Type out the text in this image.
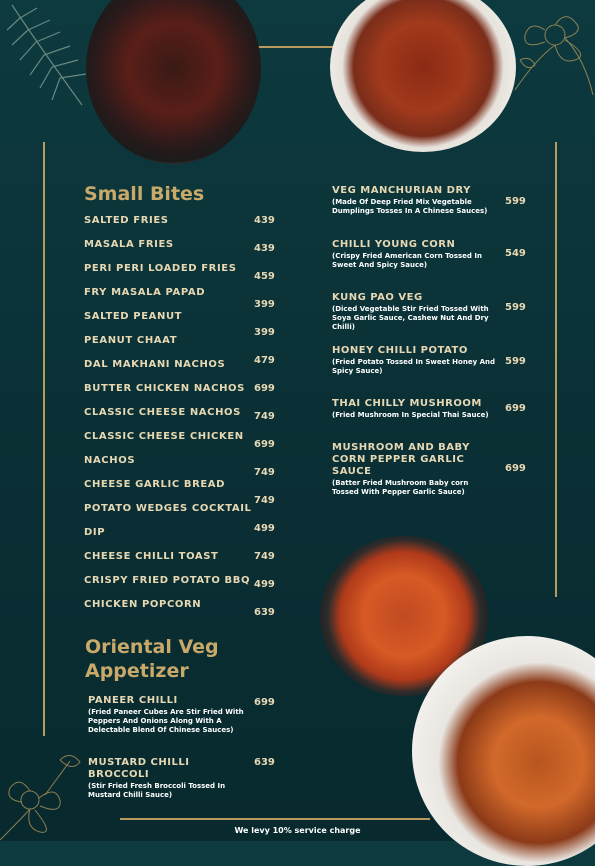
Small Bites
SALTED FRIES
MASALA FRIES
PERI PERI LOADED FRIES
FRY MASALA PAPAD
SALTED PEANUT
PEANUT CHAAT
DAL MAKHANI NACHOS
BUTTER CHICKEN NACHOS
CLASSIC CHEESE NACHOS
CLASSIC CHEESE CHICKEN
NACHOS
CHEESE GARLIC BREAD
POTATO WEDGES COCKTAIL
DIP
CHEESE CHILLI TOAST
CRISPY FRIED POTATO BBQ
CHICKEN POPCORN
439
439
459
399
399
479
699
749
699
749
749
499
749
499
639
VEG MANCHURIAN DRY
(Made Of Deep Fried Mix Vegetable Dumplings Tosses In A Chinese Sauces)
599
CHILLI YOUNG CORN
(Crispy Fried American Corn Tossed In Sweet And Spicy Sauce)
549
KUNG PAO VEG
(Diced Vegetable Stir Fried Tossed With Soya Garlic Sauce, Cashew Nut And Dry Chilli)
599
HONEY CHILLI POTATO
(Fried Potato Tossed In Sweet Honey And Spicy Sauce)
599
THAI CHILLY MUSHROOM
(Fried Mushroom In Special Thai Sauce)
699
MUSHROOM AND BABY CORN PEPPER GARLIC SAUCE
(Batter Fried Mushroom Baby corn Tossed With Pepper Garlic Sauce)
699
Oriental Veg Appetizer
PANEER CHILLI
(Fried Paneer Cubes Are Stir Fried With Peppers And Onions Along With A Delectable Blend Of Chinese Sauces)
699
MUSTARD CHILLI BROCCOLI
(Stir Fried Fresh Broccoli Tossed In Mustard Chilli Sauce)
639
We levy 10% service charge
